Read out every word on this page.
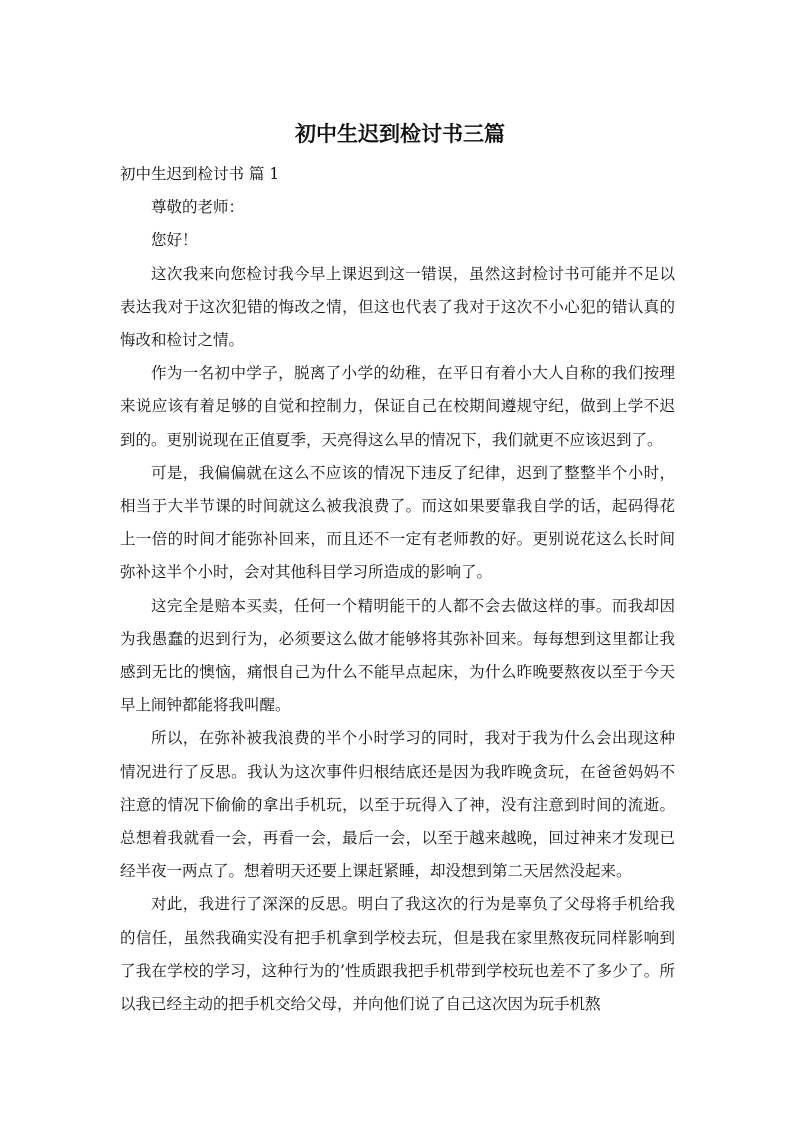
初中生迟到检讨书三篇

初中生迟到检讨书 篇 1

尊敬的老师：

您好！

这次我来向您检讨我今早上课迟到这一错误，虽然这封检讨书可能并不足以表达我对于这次犯错的悔改之情，但这也代表了我对于这次不小心犯的错认真的悔改和检讨之情。

作为一名初中学子，脱离了小学的幼稚，在平日有着小大人自称的我们按理来说应该有着足够的自觉和控制力，保证自己在校期间遵规守纪，做到上学不迟到的。更别说现在正值夏季，天亮得这么早的情况下，我们就更不应该迟到了。

可是，我偏偏就在这么不应该的情况下违反了纪律，迟到了整整半个小时，相当于大半节课的时间就这么被我浪费了。而这如果要靠我自学的话，起码得花上一倍的时间才能弥补回来，而且还不一定有老师教的好。更别说花这么长时间弥补这半个小时，会对其他科目学习所造成的影响了。

这完全是赔本买卖，任何一个精明能干的人都不会去做这样的事。而我却因为我愚蠢的迟到行为，必须要这么做才能够将其弥补回来。每每想到这里都让我感到无比的懊恼，痛恨自己为什么不能早点起床，为什么昨晚要熬夜以至于今天早上闹钟都能将我叫醒。

所以，在弥补被我浪费的半个小时学习的同时，我对于我为什么会出现这种情况进行了反思。我认为这次事件归根结底还是因为我昨晚贪玩，在爸爸妈妈不注意的情况下偷偷的拿出手机玩，以至于玩得入了神，没有注意到时间的流逝。总想着我就看一会，再看一会，最后一会，以至于越来越晚，回过神来才发现已经半夜一两点了。想着明天还要上课赶紧睡，却没想到第二天居然没起来。

对此，我进行了深深的反思。明白了我这次的行为是辜负了父母将手机给我的信任，虽然我确实没有把手机拿到学校去玩，但是我在家里熬夜玩同样影响到了我在学校的学习，这种行为的’性质跟我把手机带到学校玩也差不了多少了。所以我已经主动的把手机交给父母，并向他们说了自己这次因为玩手机熬
